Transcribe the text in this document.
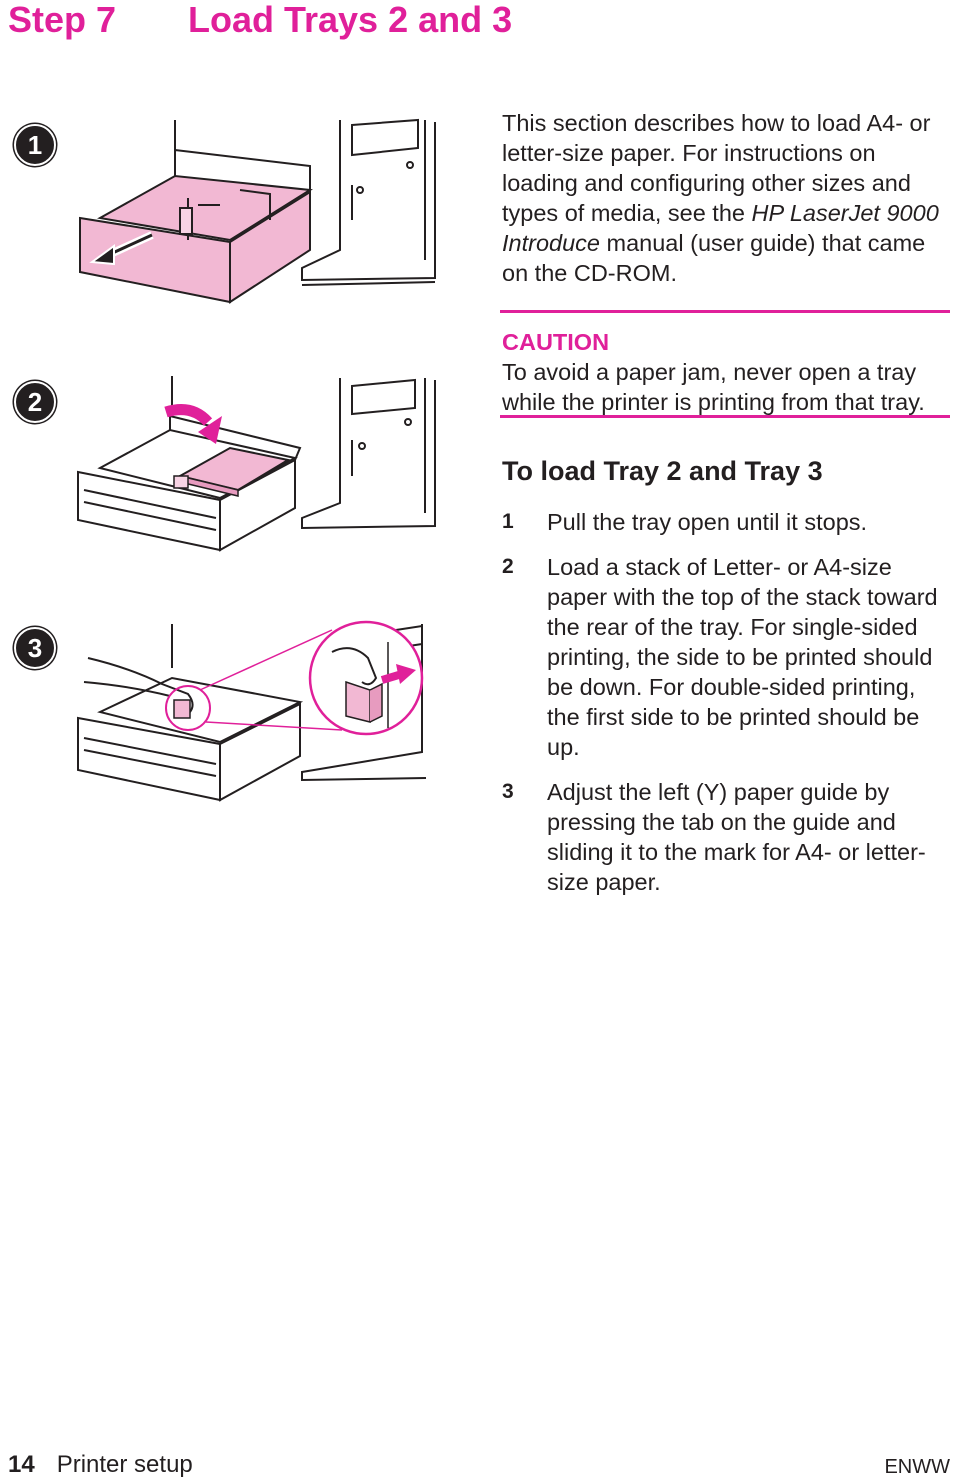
Step 7 Load Trays 2 and 3
1
2
3

This section describes how to load A4- or letter-size paper. For instructions on loading and configuring other sizes and types of media, see the HP LaserJet 9000 Introduce manual (user guide) that came on the CD-ROM.

CAUTION

To avoid a paper jam, never open a tray while the printer is printing from that tray.

To load Tray 2 and Tray 3
1 Pull the tray open until it stops.
2 Load a stack of Letter- or A4-size paper with the top of the stack toward the rear of the tray. For single-sided printing, the side to be printed should be down. For double-sided printing, the first side to be printed should be up.
3 Adjust the left (Y) paper guide by pressing the tab on the guide and sliding it to the mark for A4- or letter-size paper.
14 Printer setup	ENWW
